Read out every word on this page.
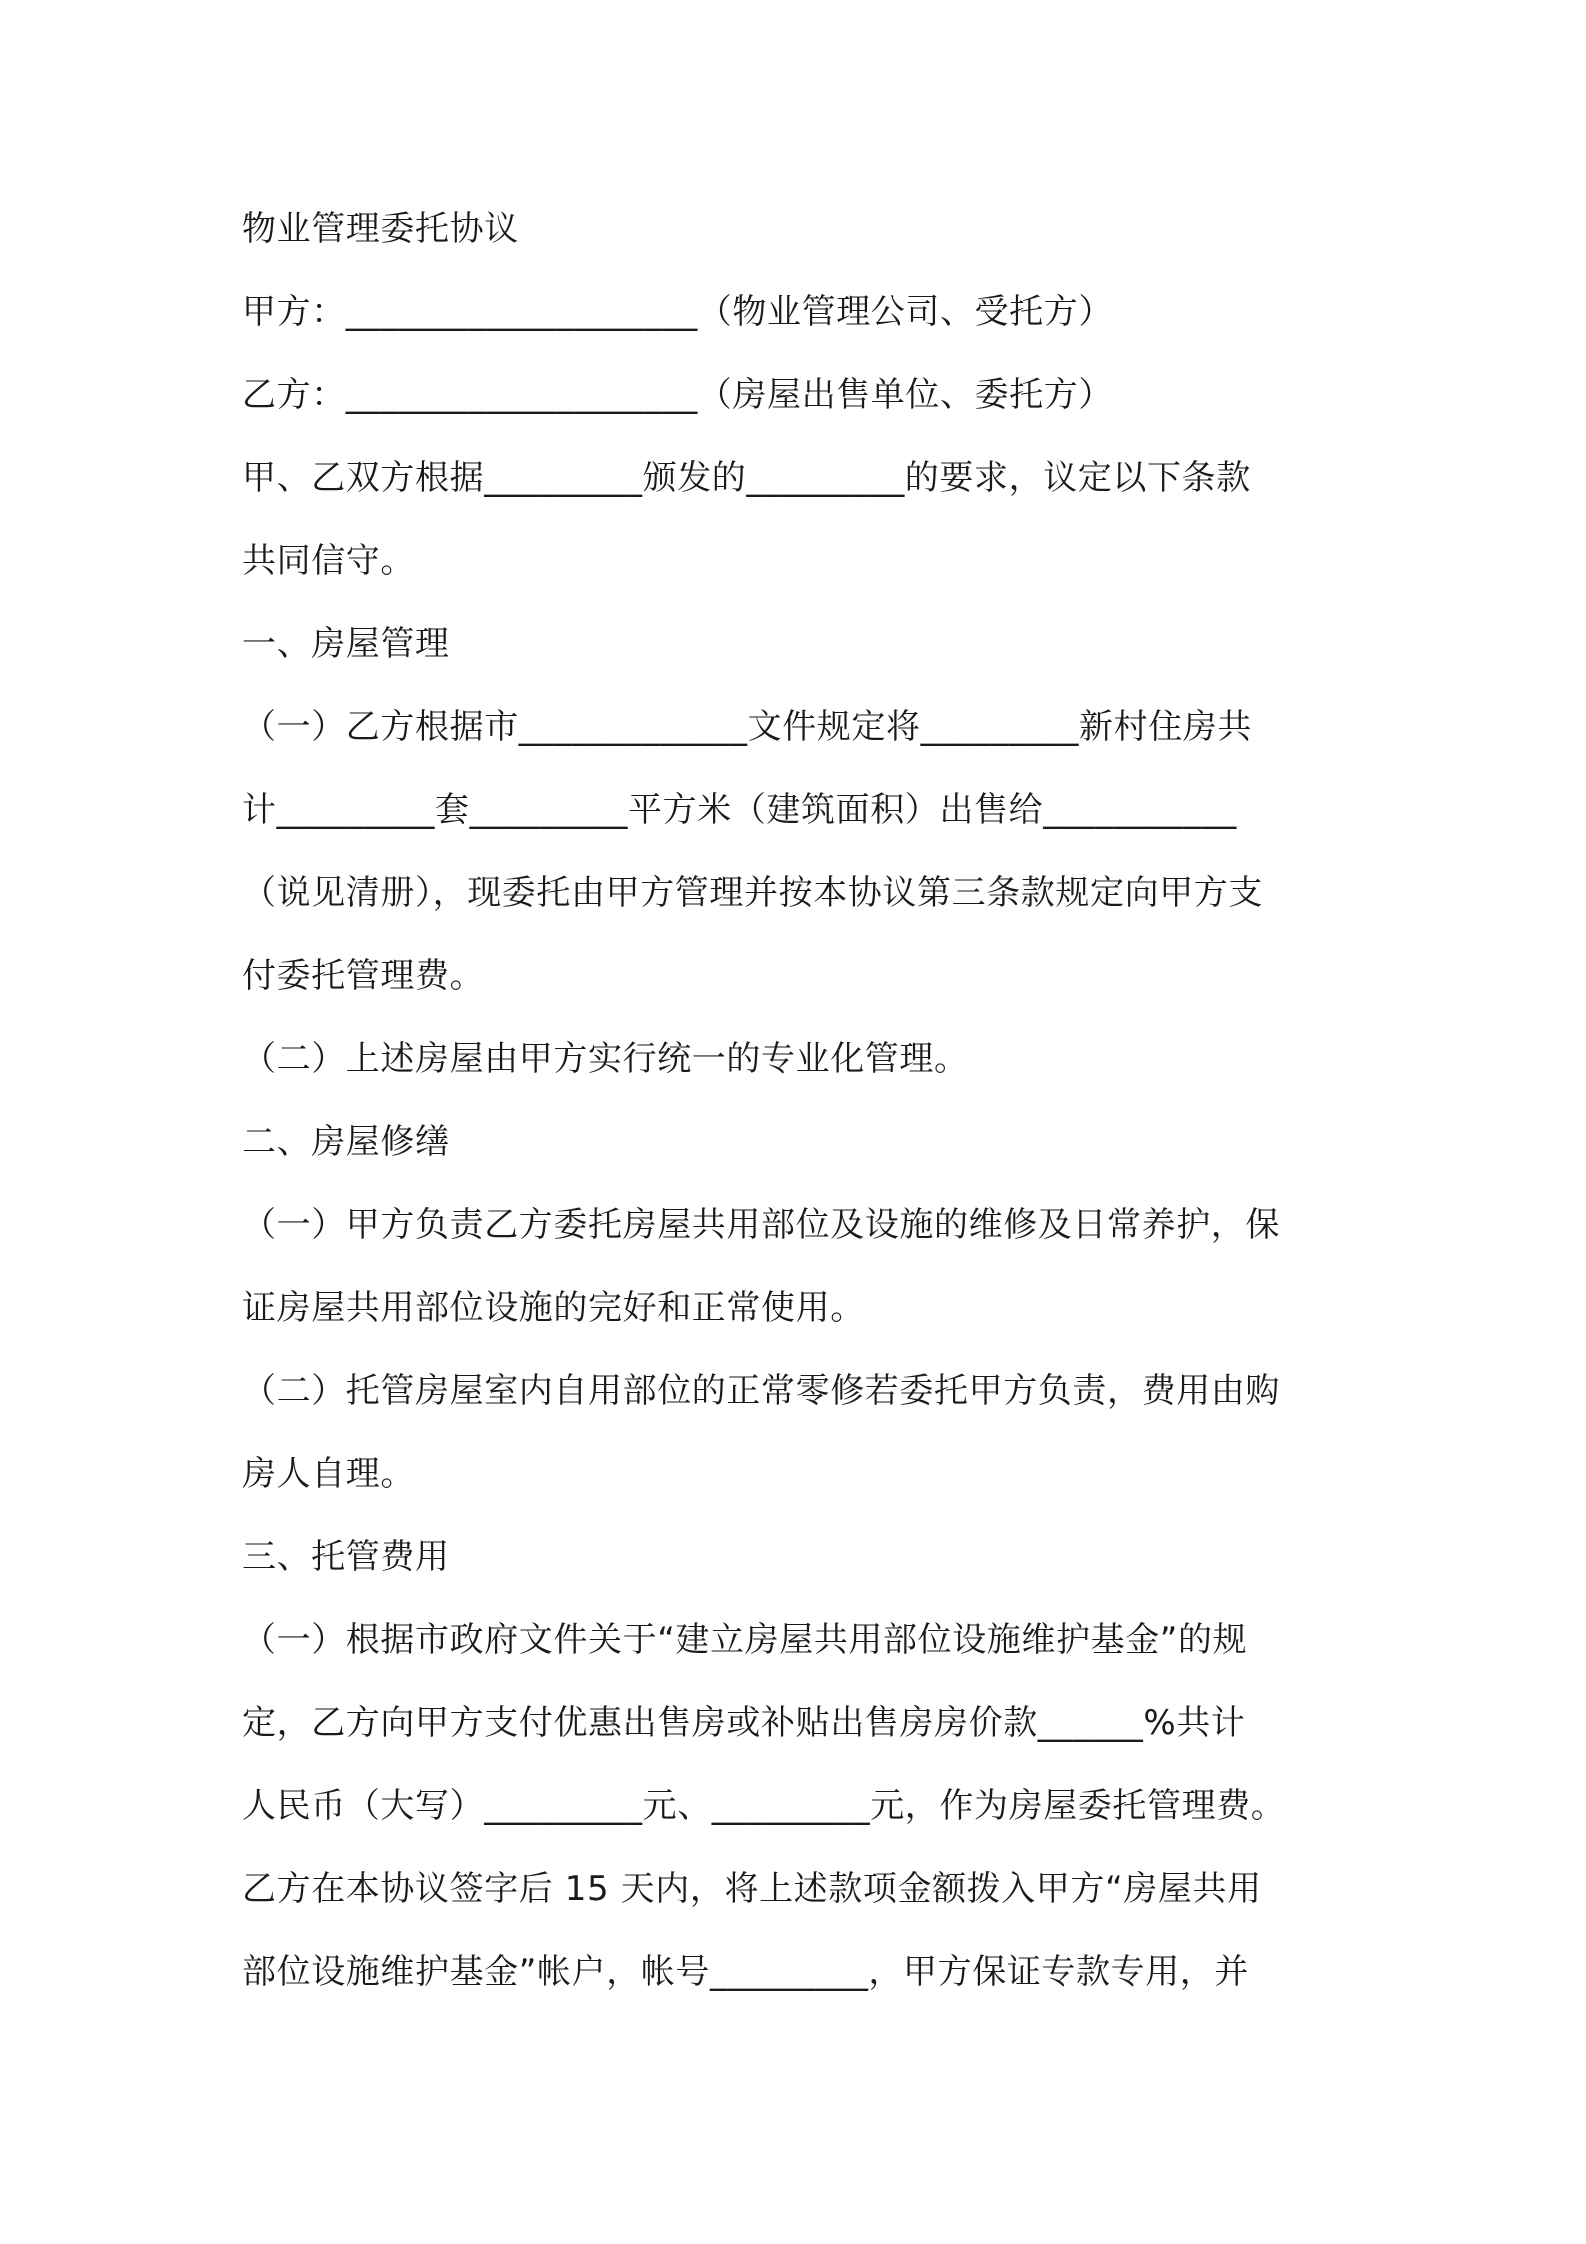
物业管理委托协议
甲方：____________________（物业管理公司、受托方）
乙方：____________________（房屋出售单位、委托方）
甲、乙双方根据_________颁发的_________的要求，议定以下条款
共同信守。
一、房屋管理
（一）乙方根据市_____________文件规定将_________新村住房共
计_________套_________平方米（建筑面积）出售给___________
（说见清册），现委托由甲方管理并按本协议第三条款规定向甲方支
付委托管理费。
（二）上述房屋由甲方实行统一的专业化管理。
二、房屋修缮
（一）甲方负责乙方委托房屋共用部位及设施的维修及日常养护，保
证房屋共用部位设施的完好和正常使用。
（二）托管房屋室内自用部位的正常零修若委托甲方负责，费用由购
房人自理。
三、托管费用
（一）根据市政府文件关于“建立房屋共用部位设施维护基金”的规
定，乙方向甲方支付优惠出售房或补贴出售房房价款______%共计
人民币（大写）_________元、_________元，作为房屋委托管理费。
乙方在本协议签字后 15 天内，将上述款项金额拨入甲方“房屋共用
部位设施维护基金”帐户，帐号_________，甲方保证专款专用，并
